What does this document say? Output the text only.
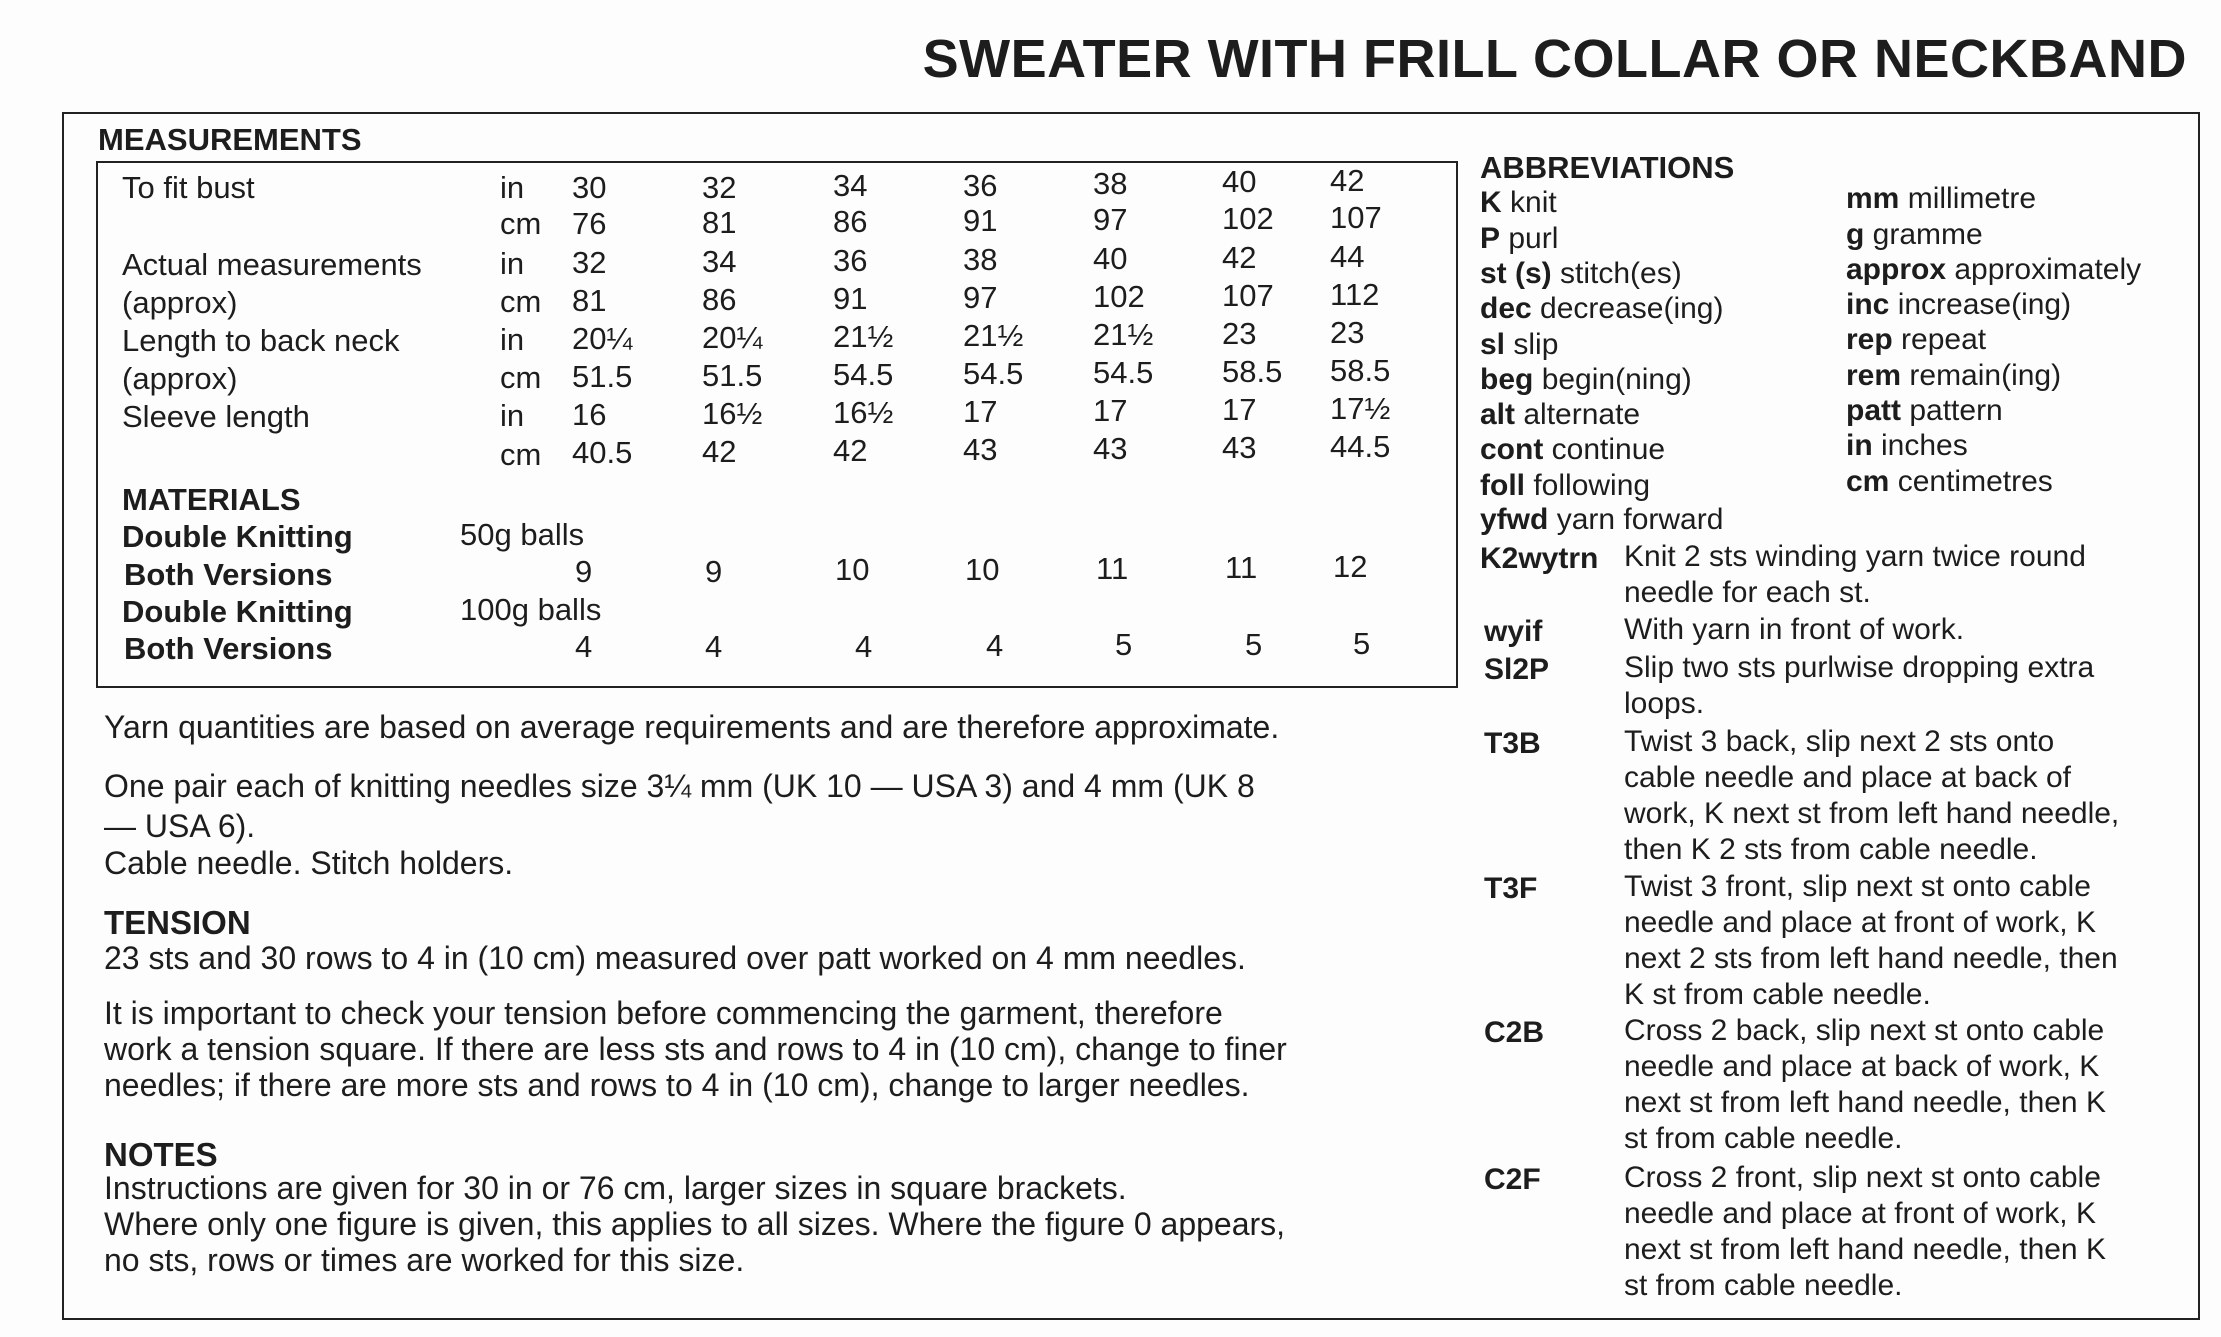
SWEATER WITH FRILL COLLAR OR NECKBAND
MEASUREMENTS
To fit bust	in 30	32	34	36	38	40 42
cm 76	81	86	91	97	102 107
Actual measurements	in 32	34	36	38	40	42 44
(approx)	cm 81	86	91	97	102 107 112
Length to back neck	in 20¼ 20¼ 21½ 21½ 21½ 23 23
(approx)	cm 51.5 51.5 54.5 54.5 54.5 58.5 58.5
Sleeve length	in 16	16½ 16½ 17	17	17 17½
cm 40.5 42	42	43	43	43 44.5
MATERIALS
Double Knitting	50g balls
Both Versions	9	9	10	10	11	11 12
Double Knitting	100g balls
Both Versions	4	4	4	4	5	5	5

Yarn quantities are based on average requirements and are therefore approximate.

One pair each of knitting needles size 3¼ mm (UK 10 — USA 3) and 4 mm (UK 8

— USA 6).

Cable needle. Stitch holders.

TENSION

23 sts and 30 rows to 4 in (10 cm) measured over patt worked on 4 mm needles.

It is important to check your tension before commencing the garment, therefore

work a tension square. If there are less sts and rows to 4 in (10 cm), change to finer

needles; if there are more sts and rows to 4 in (10 cm), change to larger needles.

NOTES

Instructions are given for 30 in or 76 cm, larger sizes in square brackets.

Where only one figure is given, this applies to all sizes. Where the figure 0 appears,

no sts, rows or times are worked for this size.

ABBREVIATIONS
K knit
P purl
st (s) stitch(es)
dec decrease(ing)
sl slip
beg begin(ning)
alt alternate
cont continue
foll following
yfwd yarn forward
mm millimetre
g gramme
approx approximately
inc increase(ing)
rep repeat
rem remain(ing)
patt pattern
in inches
cm centimetres
K2wytrn Knit 2 sts winding yarn twice round
needle for each st.
wyif	With yarn in front of work.
Sl2P Slip two sts purlwise dropping extra
loops.
T3B	Twist 3 back, slip next 2 sts onto
cable needle and place at back of
work, K next st from left hand needle,
then K 2 sts from cable needle.
T3F	Twist 3 front, slip next st onto cable
needle and place at front of work, K
next 2 sts from left hand needle, then
K st from cable needle.
C2B	Cross 2 back, slip next st onto cable
needle and place at back of work, K
next st from left hand needle, then K
st from cable needle.
C2F	Cross 2 front, slip next st onto cable
needle and place at front of work, K
next st from left hand needle, then K
st from cable needle.
